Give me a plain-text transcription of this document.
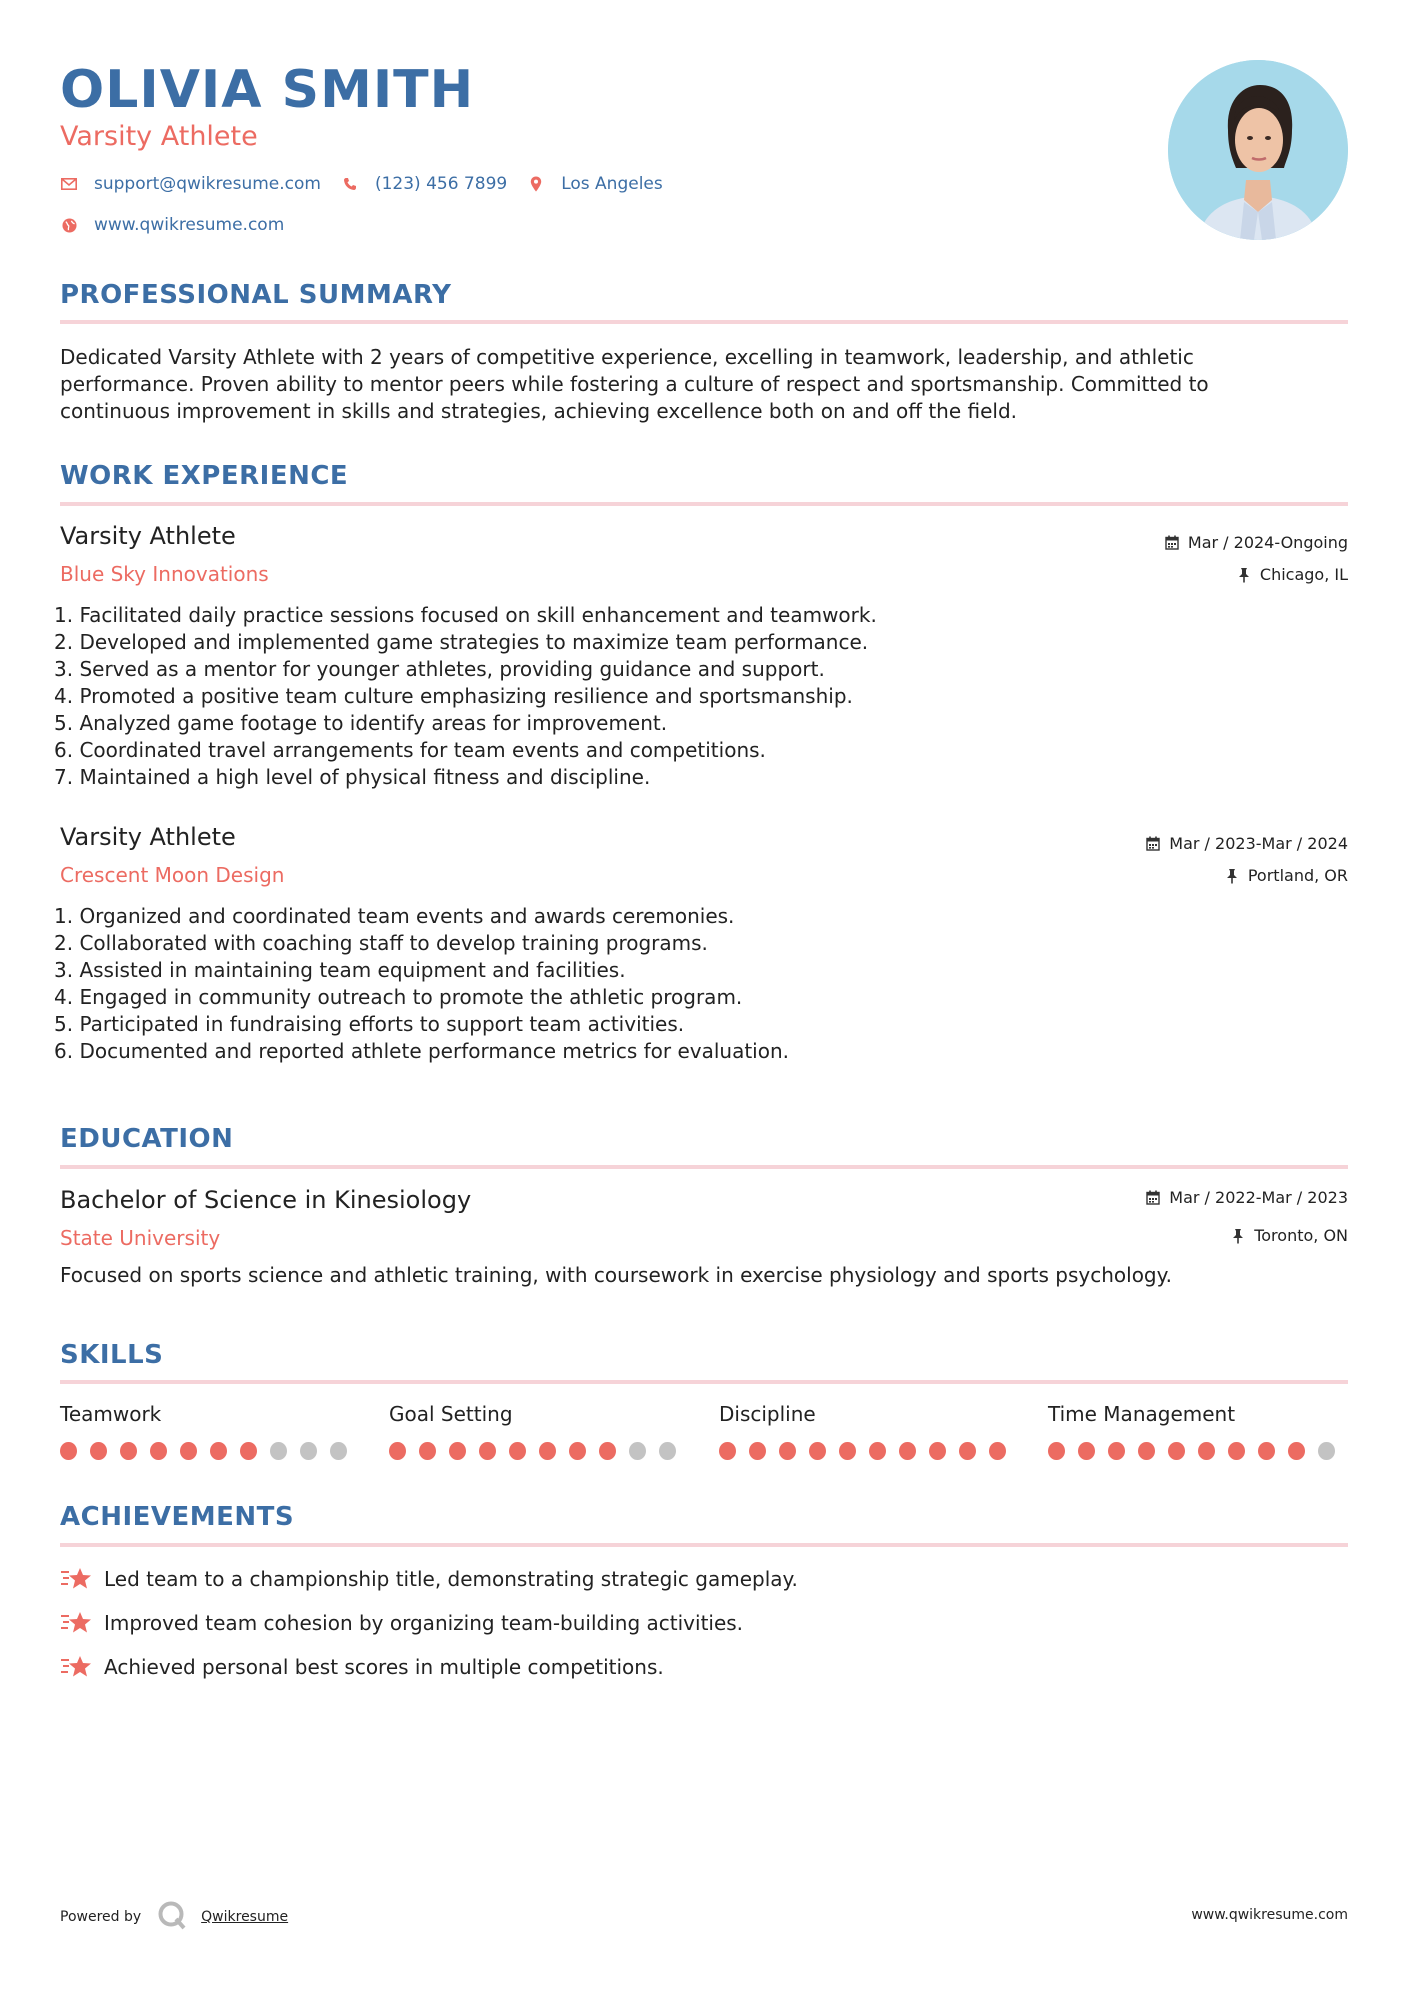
OLIVIA SMITH
Varsity Athlete
support@qwikresume.com	(123) 456 7899	Los Angeles
www.qwikresume.com
PROFESSIONAL SUMMARY
Dedicated Varsity Athlete with 2 years of competitive experience, excelling in teamwork, leadership, and athletic
performance. Proven ability to mentor peers while fostering a culture of respect and sportsmanship. Committed to
continuous improvement in skills and strategies, achieving excellence both on and off the field.
WORK EXPERIENCE
Varsity Athlete
Blue Sky Innovations
Mar / 2024-Ongoing
Chicago, IL
1. Facilitated daily practice sessions focused on skill enhancement and teamwork.
2. Developed and implemented game strategies to maximize team performance.
3. Served as a mentor for younger athletes, providing guidance and support.
4. Promoted a positive team culture emphasizing resilience and sportsmanship.
5. Analyzed game footage to identify areas for improvement.
6. Coordinated travel arrangements for team events and competitions.
7. Maintained a high level of physical fitness and discipline.
Varsity Athlete
Crescent Moon Design
Mar / 2023-Mar / 2024
Portland, OR
1. Organized and coordinated team events and awards ceremonies.
2. Collaborated with coaching staff to develop training programs.
3. Assisted in maintaining team equipment and facilities.
4. Engaged in community outreach to promote the athletic program.
5. Participated in fundraising efforts to support team activities.
6. Documented and reported athlete performance metrics for evaluation.
EDUCATION
Bachelor of Science in Kinesiology
State University
Mar / 2022-Mar / 2023
Toronto, ON
Focused on sports science and athletic training, with coursework in exercise physiology and sports psychology.
SKILLS
Teamwork	Goal Setting	Discipline	Time Management
ACHIEVEMENTS
Led team to a championship title, demonstrating strategic gameplay.
Improved team cohesion by organizing team-building activities.
Achieved personal best scores in multiple competitions.
Powered by	Qwikresume	www.qwikresume.com
